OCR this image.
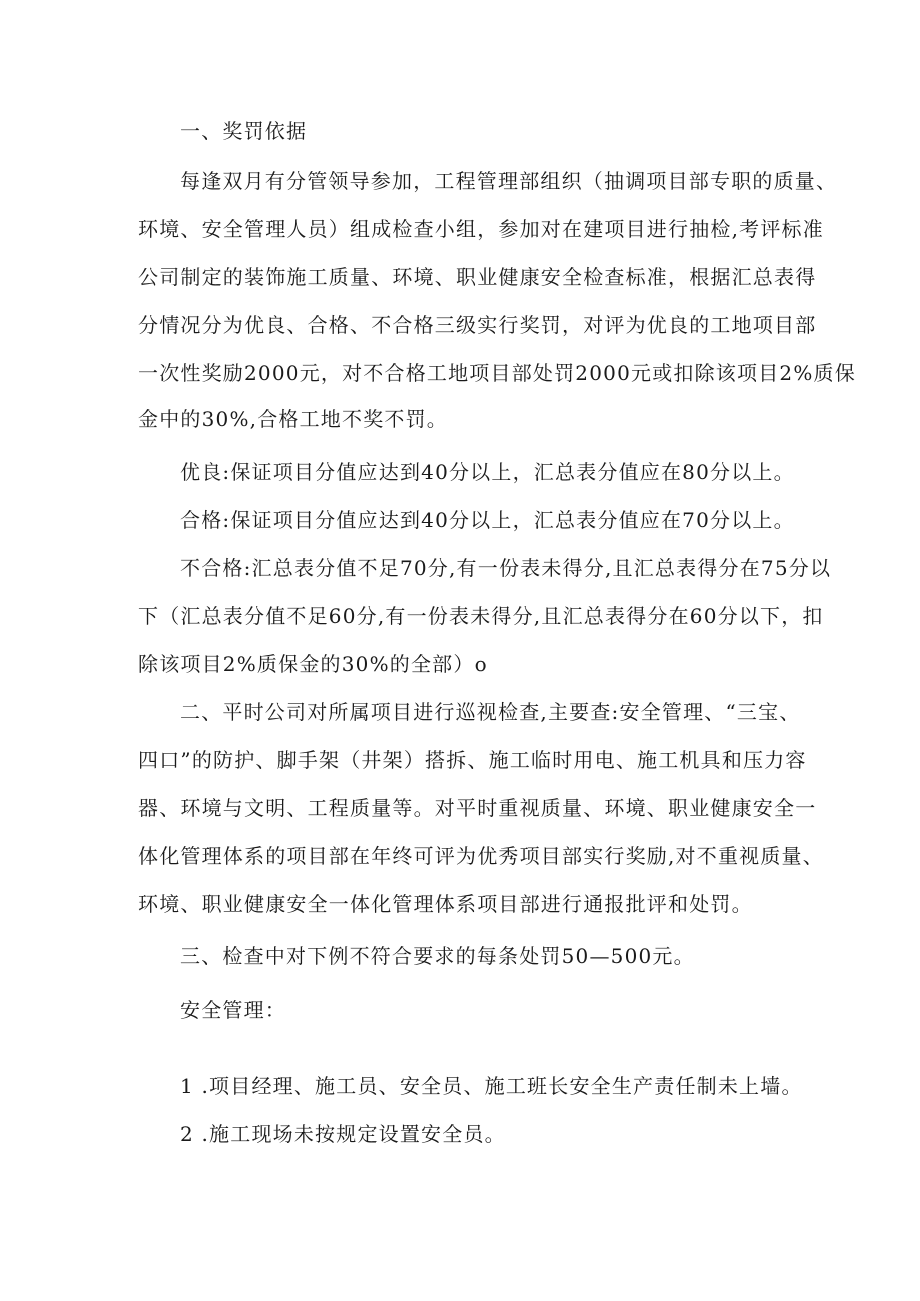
一、奖罚依据
每逢双月有分管领导参加，工程管理部组织（抽调项目部专职的质量、
环境、安全管理人员）组成检查小组，参加对在建项目进行抽检,考评标准
公司制定的装饰施工质量、环境、职业健康安全检查标准，根据汇总表得
分情况分为优良、合格、不合格三级实行奖罚，对评为优良的工地项目部
一次性奖励2000元，对不合格工地项目部处罚2000元或扣除该项目2%质保
金中的30%,合格工地不奖不罚。
优良:保证项目分值应达到40分以上，汇总表分值应在80分以上。
合格:保证项目分值应达到40分以上，汇总表分值应在70分以上。
不合格:汇总表分值不足70分,有一份表未得分,且汇总表得分在75分以
下（汇总表分值不足60分,有一份表未得分,且汇总表得分在60分以下，扣
除该项目2%质保金的30%的全部）o
二、平时公司对所属项目进行巡视检查,主要查:安全管理、“三宝、
四口”的防护、脚手架（井架）搭拆、施工临时用电、施工机具和压力容
器、环境与文明、工程质量等。对平时重视质量、环境、职业健康安全一
体化管理体系的项目部在年终可评为优秀项目部实行奖励,对不重视质量、
环境、职业健康安全一体化管理体系项目部进行通报批评和处罚。
三、检查中对下例不符合要求的每条处罚50—500元。
安全管理：
1 .项目经理、施工员、安全员、施工班长安全生产责任制未上墙。
2 .施工现场未按规定设置安全员。
